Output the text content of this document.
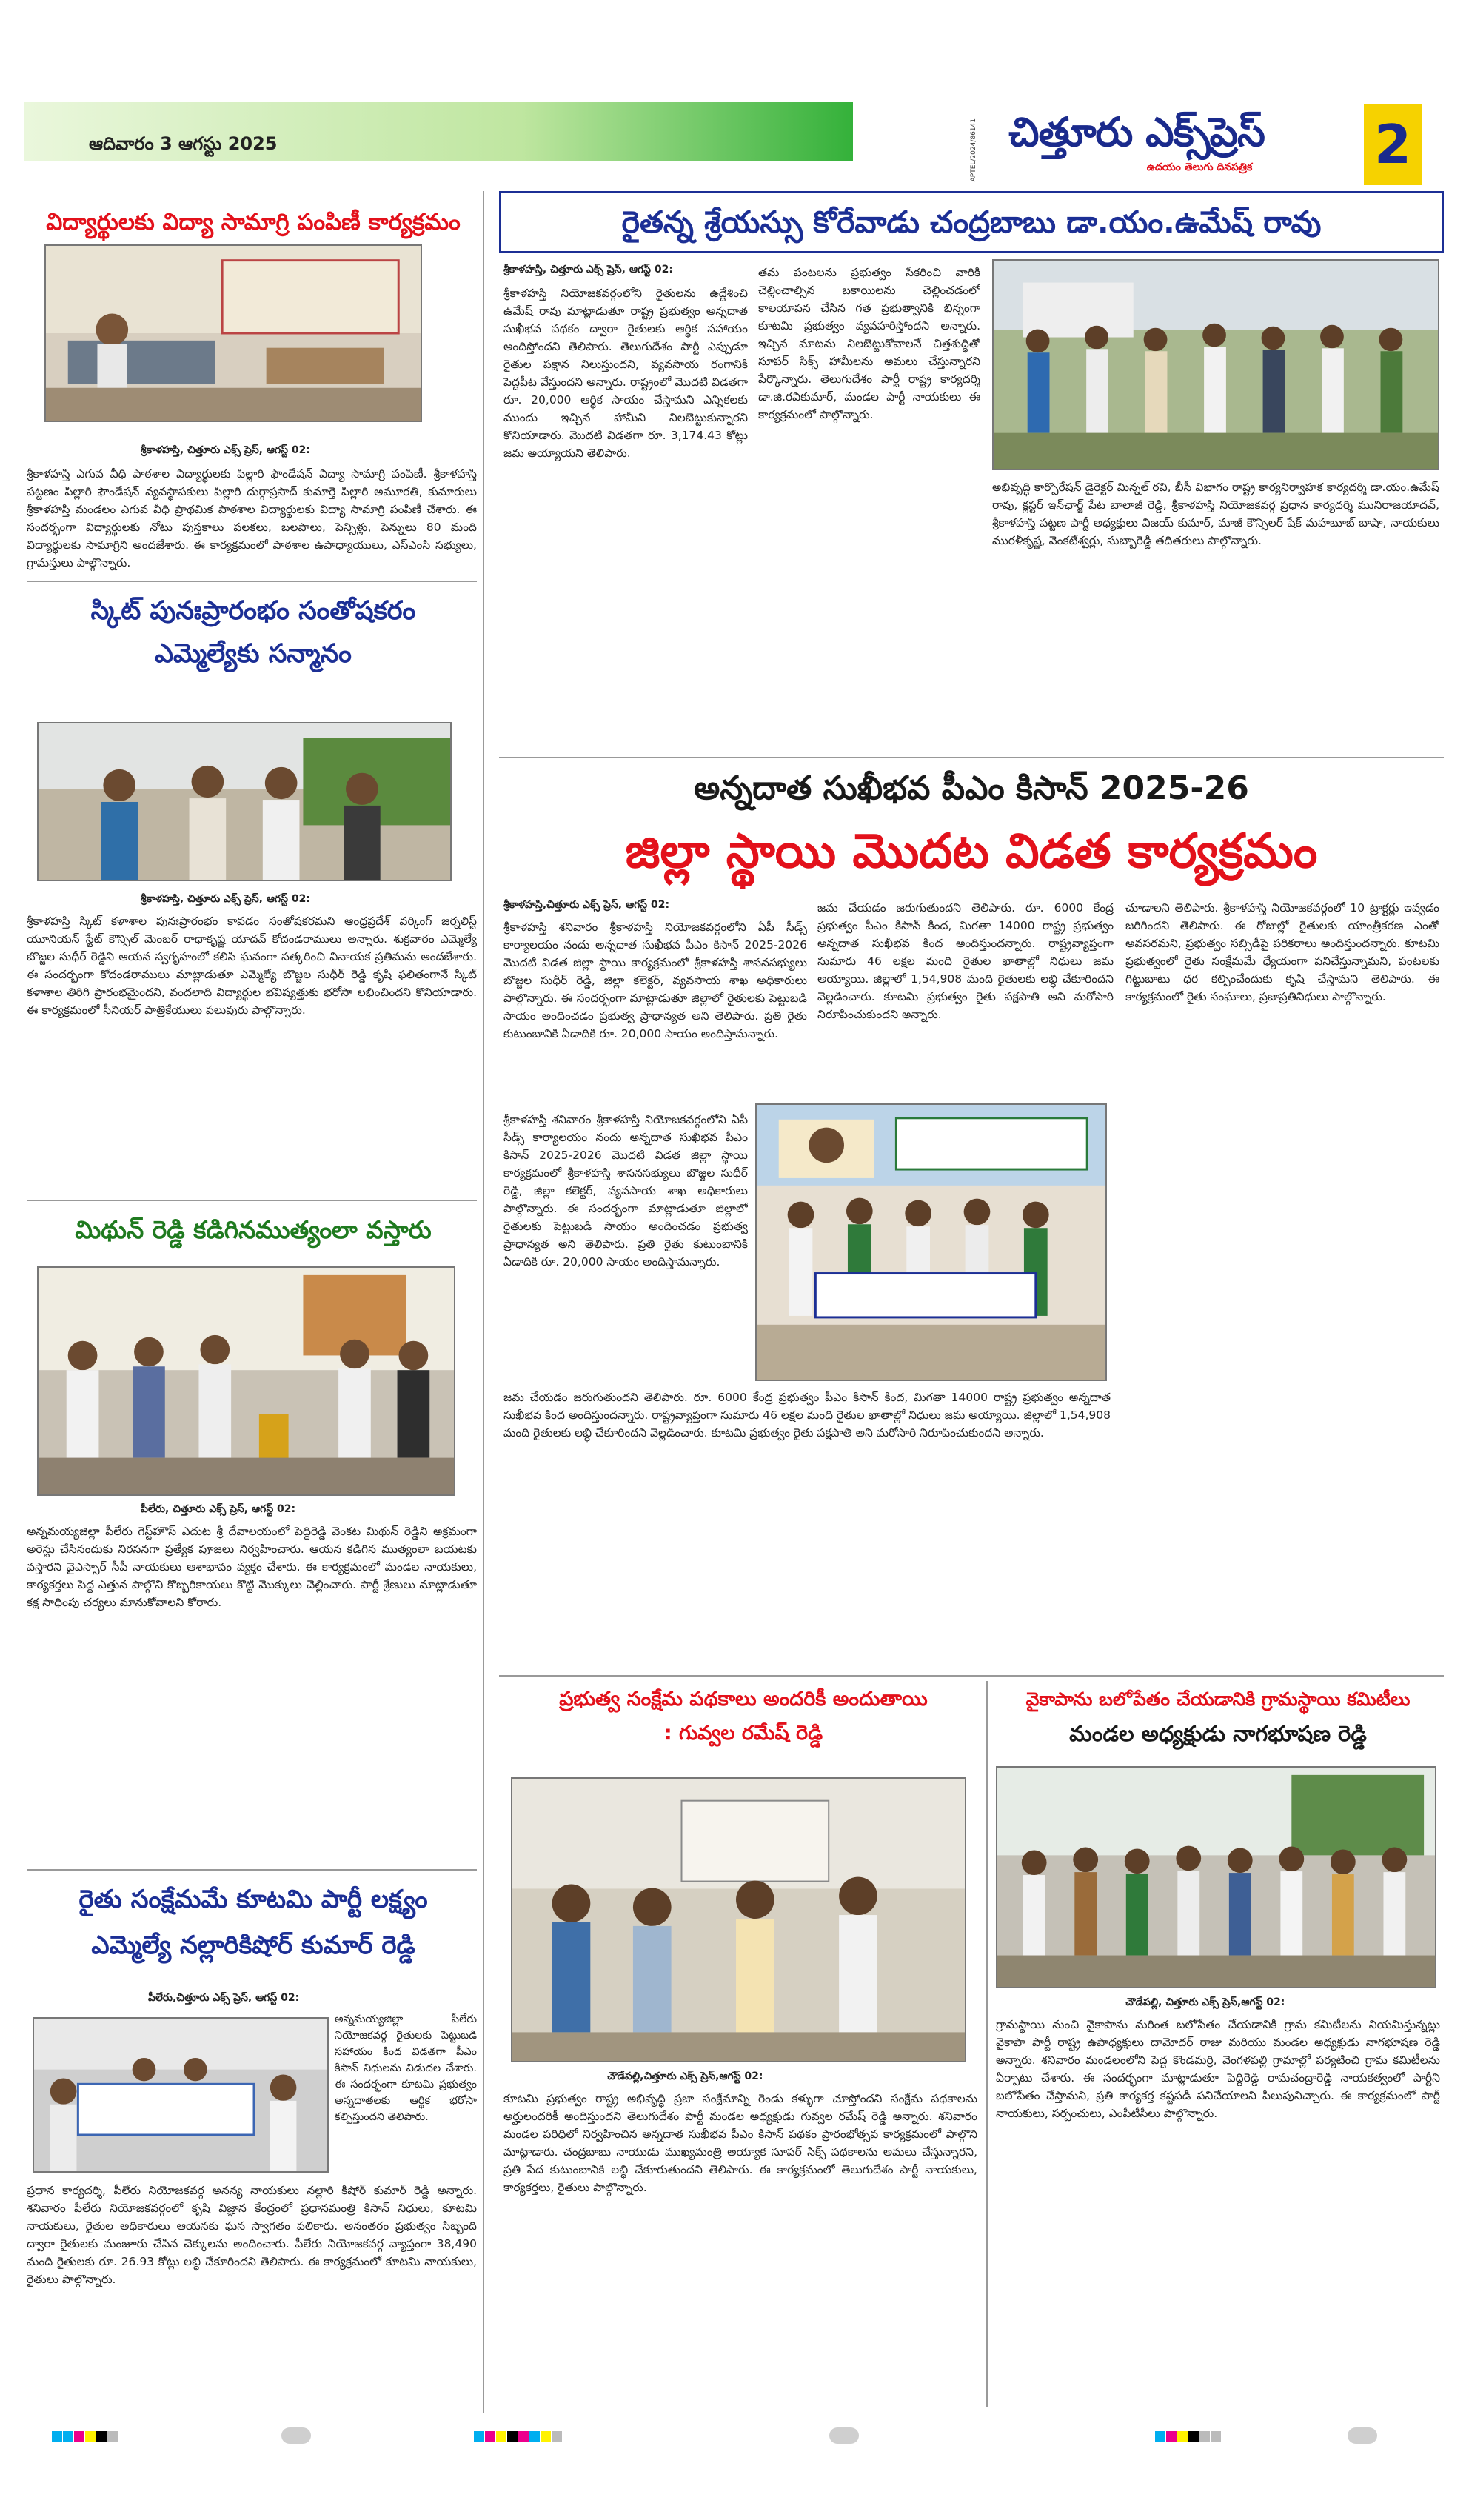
ఆదివారం 3 ఆగస్టు 2025	APTEL/2024/86141 చిత్తూరు ఎక్స్‌ప్రెస్
ఉదయం తెలుగు దినపత్రిక	2
విద్యార్థులకు విద్యా సామాగ్రి పంపిణీ కార్యక్రమం
శ్రీకాళహస్తి, చిత్తూరు ఎక్స్ ప్రెస్, ఆగస్ట్ 02:
శ్రీకాళహస్తి ఎగువ వీధి పాఠశాల విద్యార్థులకు పిల్లారి ఫౌండేషన్ విద్యా సామాగ్రి పంపిణీ. శ్రీకాళహస్తి పట్టణం పిల్లారి ఫౌండేషన్ వ్యవస్థాపకులు పిల్లారి దుర్గాప్రసాద్ కుమార్తె పిల్లారి అమూరతి, కుమారులు శ్రీకాళహస్తి మండలం ఎగువ వీధి ప్రాథమిక పాఠశాల విద్యార్థులకు విద్యా సామాగ్రి పంపిణీ చేశారు. ఈ సందర్భంగా విద్యార్థులకు నోటు పుస్తకాలు పలకలు, బలపాలు, పెన్సిళ్లు, పెన్నులు 80 మంది విద్యార్థులకు సామాగ్రిని అందజేశారు. ఈ కార్యక్రమంలో పాఠశాల ఉపాధ్యాయులు, ఎస్‌ఎంసి సభ్యులు, గ్రామస్తులు పాల్గొన్నారు.
స్కిట్ పునఃప్రారంభం సంతోషకరం
ఎమ్మెల్యేకు సన్మానం
శ్రీకాళహస్తి, చిత్తూరు ఎక్స్ ప్రెస్, ఆగస్ట్ 02:
శ్రీకాళహస్తి స్కిట్ కళాశాల పునఃప్రారంభం కావడం సంతోషకరమని ఆంధ్రప్రదేశ్ వర్కింగ్ జర్నలిస్ట్ యూనియన్ స్టేట్ కౌన్సిల్ మెంబర్ రాధాకృష్ణ యాదవ్ కోదండరాములు అన్నారు. శుక్రవారం ఎమ్మెల్యే బొజ్జల సుధీర్ రెడ్డిని ఆయన స్వగృహంలో కలిసి ఘనంగా సత్కరించి వినాయక ప్రతిమను అందజేశారు. ఈ సందర్భంగా కోదండరాములు మాట్లాడుతూ ఎమ్మెల్యే బొజ్జల సుధీర్ రెడ్డి కృషి ఫలితంగానే స్కిట్ కళాశాల తిరిగి ప్రారంభమైందని, వందలాది విద్యార్థుల భవిష్యత్తుకు భరోసా లభించిందని కొనియాడారు. ఈ కార్యక్రమంలో సీనియర్ పాత్రికేయులు పలువురు పాల్గొన్నారు.
మిథున్ రెడ్డి కడిగినముత్యంలా వస్తారు
పీలేరు, చిత్తూరు ఎక్స్ ప్రెస్, ఆగస్ట్ 02:
అన్నమయ్యజిల్లా పీలేరు గెస్ట్‌హౌస్ ఎదుట శ్రీ దేవాలయంలో పెద్దిరెడ్డి వెంకట మిథున్ రెడ్డిని అక్రమంగా అరెస్టు చేసినందుకు నిరసనగా ప్రత్యేక పూజలు నిర్వహించారు. ఆయన కడిగిన ముత్యంలా బయటకు వస్తారని వైఎస్సార్ సీపీ నాయకులు ఆశాభావం వ్యక్తం చేశారు. ఈ కార్యక్రమంలో మండల నాయకులు, కార్యకర్తలు పెద్ద ఎత్తున పాల్గొని కొబ్బరికాయలు కొట్టి మొక్కులు చెల్లించారు. పార్టీ శ్రేణులు మాట్లాడుతూ కక్ష సాధింపు చర్యలు మానుకోవాలని కోరారు.
రైతు సంక్షేమమే కూటమి పార్టీ లక్ష్యం
ఎమ్మెల్యే నల్లారికిషోర్ కుమార్ రెడ్డి
పీలేరు,చిత్తూరు ఎక్స్ ప్రెస్, ఆగస్ట్ 02:
అన్నమయ్యజిల్లా పీలేరు నియోజకవర్గ రైతులకు పెట్టుబడి సహాయం కింద విడతగా పీఎం కిసాన్ నిధులను విడుదల చేశారు. ఈ సందర్భంగా కూటమి ప్రభుత్వం అన్నదాతలకు ఆర్థిక భరోసా కల్పిస్తుందని తెలిపారు.
ప్రధాన కార్యదర్శి, పీలేరు నియోజకవర్గ అనన్య నాయకులు నల్లారి కిషోర్ కుమార్ రెడ్డి అన్నారు. శనివారం పీలేరు నియోజకవర్గంలో కృషి విజ్ఞాన కేంద్రంలో ప్రధానమంత్రి కిసాన్ నిధులు, కూటమి నాయకులు, రైతుల అధికారులు ఆయనకు ఘన స్వాగతం పలికారు. అనంతరం ప్రభుత్వం సిబ్బంది ద్వారా రైతులకు మంజూరు చేసిన చెక్కులను అందించారు. పీలేరు నియోజకవర్గ వ్యాప్తంగా 38,490 మంది రైతులకు రూ. 26.93 కోట్లు లబ్ధి చేకూరిందని తెలిపారు. ఈ కార్యక్రమంలో కూటమి నాయకులు, రైతులు పాల్గొన్నారు.
రైతన్న శ్రేయస్సు కోరేవాడు చంద్రబాబు డా.యం.ఉమేష్ రావు
శ్రీకాళహస్తి, చిత్తూరు ఎక్స్ ప్రెస్, ఆగస్ట్ 02:
శ్రీకాళహస్తి నియోజకవర్గంలోని రైతులను ఉద్దేశించి ఉమేష్ రావు మాట్లాడుతూ రాష్ట్ర ప్రభుత్వం అన్నదాత సుఖీభవ పథకం ద్వారా రైతులకు ఆర్థిక సహాయం అందిస్తోందని తెలిపారు. తెలుగుదేశం పార్టీ ఎప్పుడూ రైతుల పక్షాన నిలుస్తుందని, వ్యవసాయ రంగానికి పెద్దపీట వేస్తుందని అన్నారు. రాష్ట్రంలో మొదటి విడతగా రూ. 20,000 ఆర్థిక సాయం చేస్తామని ఎన్నికలకు ముందు ఇచ్చిన హామీని నిలబెట్టుకున్నారని కొనియాడారు. మొదటి విడతగా రూ. 3,174.43 కోట్లు జమ అయ్యాయని తెలిపారు.
తమ పంటలను ప్రభుత్వం సేకరించి వారికి చెల్లించాల్సిన బకాయిలను చెల్లించడంలో కాలయాపన చేసిన గత ప్రభుత్వానికి భిన్నంగా కూటమి ప్రభుత్వం వ్యవహరిస్తోందని అన్నారు. ఇచ్చిన మాటను నిలబెట్టుకోవాలనే చిత్తశుద్ధితో సూపర్ సిక్స్ హామీలను అమలు చేస్తున్నారని పేర్కొన్నారు. తెలుగుదేశం పార్టీ రాష్ట్ర కార్యదర్శి డా.జి.రవికుమార్, మండల పార్టీ నాయకులు ఈ కార్యక్రమంలో పాల్గొన్నారు.
అభివృద్ధి కార్పొరేషన్ డైరెక్టర్ మిన్నల్ రవి, బీసీ విభాగం రాష్ట్ర కార్యనిర్వాహక కార్యదర్శి డా.యం.ఉమేష్ రావు, క్లస్టర్ ఇన్‌ఛార్జ్ పేట బాలాజీ రెడ్డి, శ్రీకాళహస్తి నియోజకవర్గ ప్రధాన కార్యదర్శి మునిరాజయాదవ్, శ్రీకాళహస్తి పట్టణ పార్టీ అధ్యక్షులు విజయ్ కుమార్, మాజీ కౌన్సిలర్ షేక్ మహబూబ్ బాషా, నాయకులు మురళీకృష్ణ, వెంకటేశ్వర్లు, సుబ్బారెడ్డి తదితరులు పాల్గొన్నారు.
అన్నదాత సుఖీభవ పీఎం కిసాన్ 2025-26
జిల్లా స్థాయి మొదట విడత కార్యక్రమం
శ్రీకాళహస్తి,చిత్తూరు ఎక్స్ ప్రెస్, ఆగస్ట్ 02:
శ్రీకాళహస్తి శనివారం శ్రీకాళహస్తి నియోజకవర్గంలోని ఏపీ సీడ్స్ కార్యాలయం నందు అన్నదాత సుఖీభవ పీఎం కిసాన్ 2025-2026 మొదటి విడత జిల్లా స్థాయి కార్యక్రమంలో శ్రీకాళహస్తి శాసనసభ్యులు బొజ్జల సుధీర్ రెడ్డి, జిల్లా కలెక్టర్, వ్యవసాయ శాఖ అధికారులు పాల్గొన్నారు. ఈ సందర్భంగా మాట్లాడుతూ జిల్లాలో రైతులకు పెట్టుబడి సాయం అందించడం ప్రభుత్వ ప్రాధాన్యత అని తెలిపారు. ప్రతి రైతు కుటుంబానికి ఏడాదికి రూ. 20,000 సాయం అందిస్తామన్నారు.
జమ చేయడం జరుగుతుందని తెలిపారు. రూ. 6000 కేంద్ర ప్రభుత్వం పీఎం కిసాన్ కింద, మిగతా 14000 రాష్ట్ర ప్రభుత్వం అన్నదాత సుఖీభవ కింద అందిస్తుందన్నారు. రాష్ట్రవ్యాప్తంగా సుమారు 46 లక్షల మంది రైతుల ఖాతాల్లో నిధులు జమ అయ్యాయి. జిల్లాలో 1,54,908 మంది రైతులకు లబ్ధి చేకూరిందని వెల్లడించారు. కూటమి ప్రభుత్వం రైతు పక్షపాతి అని మరోసారి నిరూపించుకుందని అన్నారు.
శ్రీకాళహస్తి శనివారం శ్రీకాళహస్తి నియోజకవర్గంలోని ఏపీ సీడ్స్ కార్యాలయం నందు అన్నదాత సుఖీభవ పీఎం కిసాన్ 2025-2026 మొదటి విడత జిల్లా స్థాయి కార్యక్రమంలో శ్రీకాళహస్తి శాసనసభ్యులు బొజ్జల సుధీర్ రెడ్డి, జిల్లా కలెక్టర్, వ్యవసాయ శాఖ అధికారులు పాల్గొన్నారు. ఈ సందర్భంగా మాట్లాడుతూ జిల్లాలో రైతులకు పెట్టుబడి సాయం అందించడం ప్రభుత్వ ప్రాధాన్యత అని తెలిపారు. ప్రతి రైతు కుటుంబానికి ఏడాదికి రూ. 20,000 సాయం అందిస్తామన్నారు.
జమ చేయడం జరుగుతుందని తెలిపారు. రూ. 6000 కేంద్ర ప్రభుత్వం పీఎం కిసాన్ కింద, మిగతా 14000 రాష్ట్ర ప్రభుత్వం అన్నదాత సుఖీభవ కింద అందిస్తుందన్నారు. రాష్ట్రవ్యాప్తంగా సుమారు 46 లక్షల మంది రైతుల ఖాతాల్లో నిధులు జమ అయ్యాయి. జిల్లాలో 1,54,908 మంది రైతులకు లబ్ధి చేకూరిందని వెల్లడించారు. కూటమి ప్రభుత్వం రైతు పక్షపాతి అని మరోసారి నిరూపించుకుందని అన్నారు.
చూడాలని తెలిపారు. శ్రీకాళహస్తి నియోజకవర్గంలో 10 ట్రాక్టర్లు ఇవ్వడం జరిగిందని తెలిపారు. ఈ రోజుల్లో రైతులకు యాంత్రీకరణ ఎంతో అవసరమని, ప్రభుత్వం సబ్సిడీపై పరికరాలు అందిస్తుందన్నారు. కూటమి ప్రభుత్వంలో రైతు సంక్షేమమే ధ్యేయంగా పనిచేస్తున్నామని, పంటలకు గిట్టుబాటు ధర కల్పించేందుకు కృషి చేస్తామని తెలిపారు. ఈ కార్యక్రమంలో రైతు సంఘాలు, ప్రజాప్రతినిధులు పాల్గొన్నారు.
ప్రభుత్వ సంక్షేమ పథకాలు అందరికీ అందుతాయి
: గువ్వల రమేష్ రెడ్డి
చౌడేపల్లి,చిత్తూరు ఎక్స్ ప్రెస్,ఆగస్ట్ 02:
కూటమి ప్రభుత్వం రాష్ట్ర అభివృద్ధి ప్రజా సంక్షేమాన్ని రెండు కళ్ళుగా చూస్తోందని సంక్షేమ పథకాలను అర్హులందరికీ అందిస్తుందని తెలుగుదేశం పార్టీ మండల అధ్యక్షుడు గువ్వల రమేష్ రెడ్డి అన్నారు. శనివారం మండల పరిధిలో నిర్వహించిన అన్నదాత సుఖీభవ పీఎం కిసాన్ పథకం ప్రారంభోత్సవ కార్యక్రమంలో పాల్గొని మాట్లాడారు. చంద్రబాబు నాయుడు ముఖ్యమంత్రి అయ్యాక సూపర్ సిక్స్ పథకాలను అమలు చేస్తున్నారని, ప్రతి పేద కుటుంబానికి లబ్ధి చేకూరుతుందని తెలిపారు. ఈ కార్యక్రమంలో తెలుగుదేశం పార్టీ నాయకులు, కార్యకర్తలు, రైతులు పాల్గొన్నారు.
వైకాపాను బలోపేతం చేయడానికి గ్రామస్థాయి కమిటీలు
మండల అధ్యక్షుడు నాగభూషణ రెడ్డి
చౌడేపల్లి, చిత్తూరు ఎక్స్ ప్రెస్,ఆగస్ట్ 02:
గ్రామస్థాయి నుంచి వైకాపాను మరింత బలోపేతం చేయడానికి గ్రామ కమిటీలను నియమిస్తున్నట్లు వైకాపా పార్టీ రాష్ట్ర ఉపాధ్యక్షులు దామోదర్ రాజు మరియు మండల అధ్యక్షుడు నాగభూషణ రెడ్డి అన్నారు. శనివారం మండలంలోని పెద్ద కొండమర్రి, వెంగళపల్లి గ్రామాల్లో పర్యటించి గ్రామ కమిటీలను ఏర్పాటు చేశారు. ఈ సందర్భంగా మాట్లాడుతూ పెద్దిరెడ్డి రామచంద్రారెడ్డి నాయకత్వంలో పార్టీని బలోపేతం చేస్తామని, ప్రతి కార్యకర్త కష్టపడి పనిచేయాలని పిలుపునిచ్చారు. ఈ కార్యక్రమంలో పార్టీ నాయకులు, సర్పంచులు, ఎంపీటీసీలు పాల్గొన్నారు.
